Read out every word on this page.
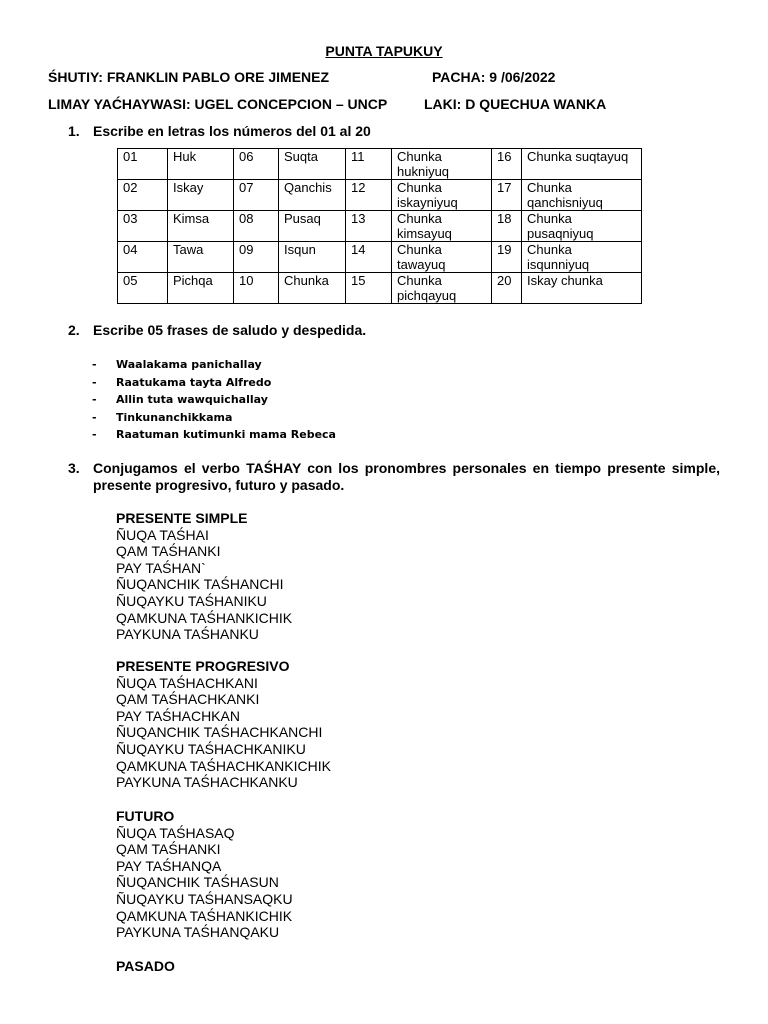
PUNTA TAPUKUY
ŚHUTIY: FRANKLIN PABLO ORE JIMENEZ	PACHA: 9 /06/2022
LIMAY YAĆHAYWASI: UGEL CONCEPCION – UNCP	LAKI: D QUECHUA WANKA
1. Escribe en letras los números del 01 al 20
01	Huk	06	Suqta	11	Chunka hukniyuq	16	Chunka suqtayuq
02	Iskay	07	Qanchis	12	Chunka iskayniyuq	17	Chunka qanchisniyuq
03	Kimsa	08	Pusaq	13	Chunka kimsayuq	18	Chunka pusaqniyuq
04	Tawa	09	Isqun	14	Chunka tawayuq	19	Chunka isqunniyuq
05	Pichqa	10	Chunka	15	Chunka pichqayuq	20	Iskay chunka
2. Escribe 05 frases de saludo y despedida.
- Waalakama panichallay
- Raatukama tayta Alfredo
- Allin tuta wawquichallay
- Tinkunanchikkama
- Raatuman kutimunki mama Rebeca
3. Conjugamos el verbo TAŚHAY con los pronombres personales en tiempo presente simple, presente progresivo, futuro y pasado.
PRESENTE SIMPLE
ÑUQA TAŚHAI
QAM TAŚHANKI
PAY TAŚHAN`
ÑUQANCHIK TAŚHANCHI
ÑUQAYKU TAŚHANIKU
QAMKUNA TAŚHANKICHIK
PAYKUNA TAŚHANKU
PRESENTE PROGRESIVO
ÑUQA TAŚHACHKANI
QAM TAŚHACHKANKI
PAY TAŚHACHKAN
ÑUQANCHIK TAŚHACHKANCHI
ÑUQAYKU TAŚHACHKANIKU
QAMKUNA TAŚHACHKANKICHIK
PAYKUNA TAŚHACHKANKU
FUTURO
ÑUQA TAŚHASAQ
QAM TAŚHANKI
PAY TAŚHANQA
ÑUQANCHIK TAŚHASUN
ÑUQAYKU TAŚHANSAQKU
QAMKUNA TAŚHANKICHIK
PAYKUNA TAŚHANQAKU
PASADO
